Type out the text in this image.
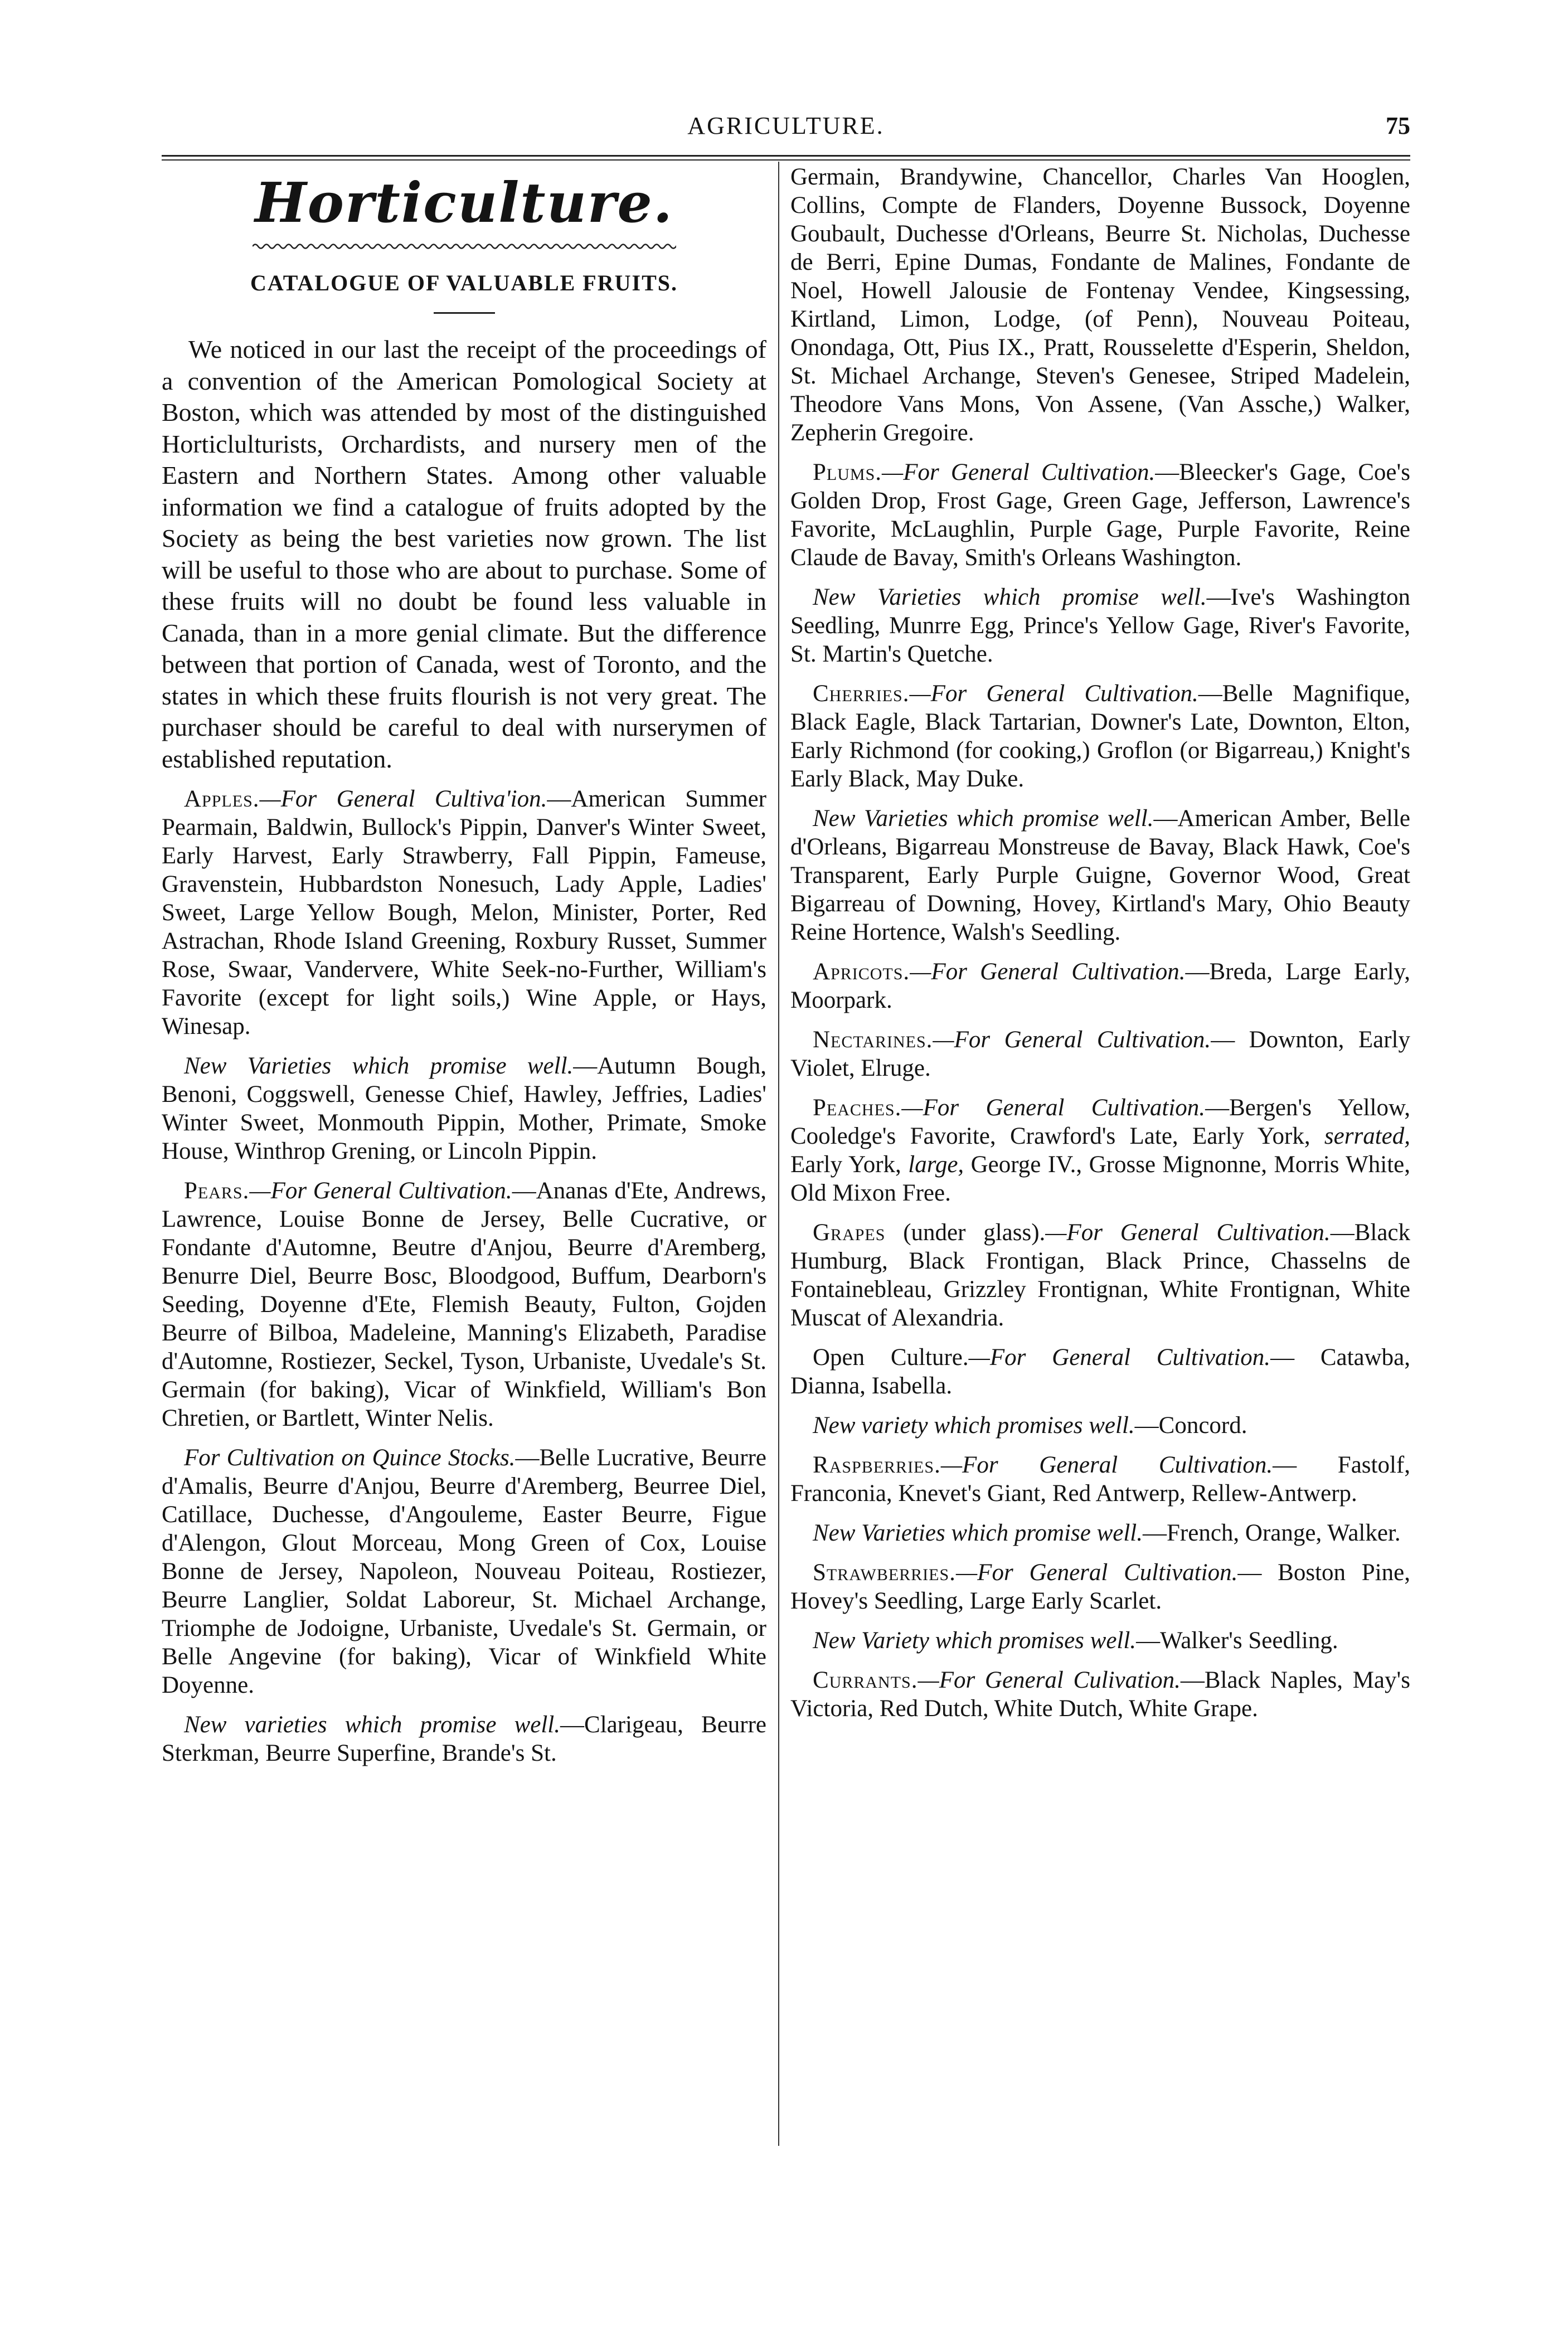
AGRICULTURE.	75
Horticulture.
CATALOGUE OF VALUABLE FRUITS.

We noticed in our last the receipt of the proceedings of a convention of the American Pomological Society at Boston, which was attended by most of the distinguished Horticlulturists, Orchardists, and nursery men of the Eastern and Northern States. Among other valuable information we find a catalogue of fruits adopted by the Society as being the best varieties now grown. The list will be useful to those who are about to purchase. Some of these fruits will no doubt be found less valuable in Canada, than in a more genial climate. But the difference between that portion of Canada, west of Toronto, and the states in which these fruits flourish is not very great. The purchaser should be careful to deal with nurserymen of established reputation.

Apples.—For General Cultiva'ion.—American Summer Pearmain, Baldwin, Bullock's Pippin, Danver's Winter Sweet, Early Harvest, Early Strawberry, Fall Pippin, Fameuse, Gravenstein, Hubbardston Nonesuch, Lady Apple, Ladies' Sweet, Large Yellow Bough, Melon, Minister, Porter, Red Astrachan, Rhode Island Greening, Roxbury Russet, Summer Rose, Swaar, Vandervere, White Seek-no-Further, William's Favorite (except for light soils,) Wine Apple, or Hays, Winesap.

New Varieties which promise well.—Autumn Bough, Benoni, Coggswell, Genesse Chief, Hawley, Jeffries, Ladies' Winter Sweet, Monmouth Pippin, Mother, Primate, Smoke House, Winthrop Grening, or Lincoln Pippin.

Pears.—For General Cultivation.—Ananas d'Ete, Andrews, Lawrence, Louise Bonne de Jersey, Belle Cucrative, or Fondante d'Automne, Beutre d'Anjou, Beurre d'Aremberg, Benurre Diel, Beurre Bosc, Bloodgood, Buffum, Dearborn's Seeding, Doyenne d'Ete, Flemish Beauty, Fulton, Gojden Beurre of Bilboa, Madeleine, Manning's Elizabeth, Paradise d'Automne, Rostiezer, Seckel, Tyson, Urbaniste, Uvedale's St. Germain (for baking), Vicar of Winkfield, William's Bon Chretien, or Bartlett, Winter Nelis.

For Cultivation on Quince Stocks.—Belle Lucrative, Beurre d'Amalis, Beurre d'Anjou, Beurre d'Aremberg, Beurree Diel, Catillace, Duchesse, d'Angouleme, Easter Beurre, Figue d'Alengon, Glout Morceau, Mong Green of Cox, Louise Bonne de Jersey, Napoleon, Nouveau Poiteau, Rostiezer, Beurre Langlier, Soldat Laboreur, St. Michael Archange, Triomphe de Jodoigne, Urbaniste, Uvedale's St. Germain, or Belle Angevine (for baking), Vicar of Winkfield White Doyenne.

New varieties which promise well.—Clarigeau, Beurre Sterkman, Beurre Superfine, Brande's St.

Germain, Brandywine, Chancellor, Charles Van Hooglen, Collins, Compte de Flanders, Doyenne Bussock, Doyenne Goubault, Duchesse d'Orleans, Beurre St. Nicholas, Duchesse de Berri, Epine Dumas, Fondante de Malines, Fondante de Noel, Howell Jalousie de Fontenay Vendee, Kingsessing, Kirtland, Limon, Lodge, (of Penn), Nouveau Poiteau, Onondaga, Ott, Pius IX., Pratt, Rousselette d'Esperin, Sheldon, St. Michael Archange, Steven's Genesee, Striped Madelein, Theodore Vans Mons, Von Assene, (Van Assche,) Walker, Zepherin Gregoire.

Plums.—For General Cultivation.—Bleecker's Gage, Coe's Golden Drop, Frost Gage, Green Gage, Jefferson, Lawrence's Favorite, McLaughlin, Purple Gage, Purple Favorite, Reine Claude de Bavay, Smith's Orleans Washington.

New Varieties which promise well.—Ive's Washington Seedling, Munrre Egg, Prince's Yellow Gage, River's Favorite, St. Martin's Quetche.

Cherries.—For General Cultivation.—Belle Magnifique, Black Eagle, Black Tartarian, Downer's Late, Downton, Elton, Early Richmond (for cooking,) Groflon (or Bigarreau,) Knight's Early Black, May Duke.

New Varieties which promise well.—American Amber, Belle d'Orleans, Bigarreau Monstreuse de Bavay, Black Hawk, Coe's Transparent, Early Purple Guigne, Governor Wood, Great Bigarreau of Downing, Hovey, Kirtland's Mary, Ohio Beauty Reine Hortence, Walsh's Seedling.

Apricots.—For General Cultivation.—Breda, Large Early, Moorpark.

Nectarines.—For General Cultivation.— Downton, Early Violet, Elruge.

Peaches.—For General Cultivation.—Bergen's Yellow, Cooledge's Favorite, Crawford's Late, Early York, serrated, Early York, large, George IV., Grosse Mignonne, Morris White, Old Mixon Free.

Grapes (under glass).—For General Cultivation.—Black Humburg, Black Frontigan, Black Prince, Chasselns de Fontainebleau, Grizzley Frontignan, White Frontignan, White Muscat of Alexandria.

Open Culture.—For General Cultivation.— Catawba, Dianna, Isabella.

New variety which promises well.—Concord.

Raspberries.—For General Cultivation.— Fastolf, Franconia, Knevet's Giant, Red Antwerp, Rellew-Antwerp.

New Varieties which promise well.—French, Orange, Walker.

Strawberries.—For General Cultivation.— Boston Pine, Hovey's Seedling, Large Early Scarlet.

New Variety which promises well.—Walker's Seedling.

Currants.—For General Culivation.—Black Naples, May's Victoria, Red Dutch, White Dutch, White Grape.
